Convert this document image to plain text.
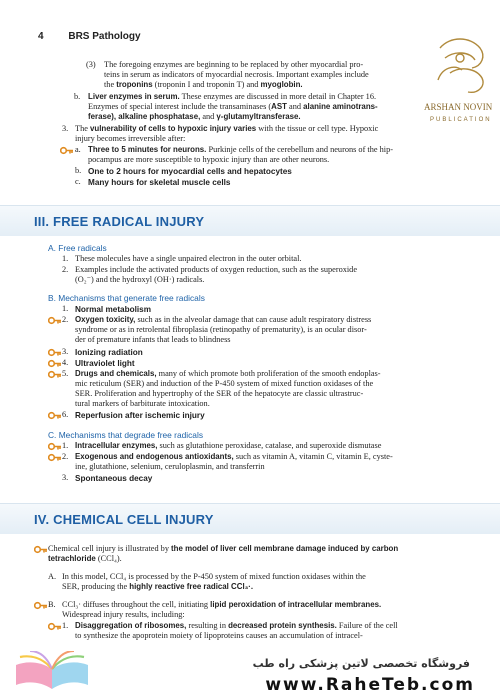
4 BRS Pathology
ARSHAN NOVIN
PUBLICATION
(3) The foregoing enzymes are beginning to be replaced by other myocardial pro-
teins in serum as indicators of myocardial necrosis. Important examples include
the troponins (troponin I and troponin T) and myoglobin.
b. Liver enzymes in serum. These enzymes are discussed in more detail in Chapter 16.
Enzymes of special interest include the transaminases (AST and alanine aminotrans-
ferase), alkaline phosphatase, and γ-glutamyltransferase.
3. The vulnerability of cells to hypoxic injury varies with the tissue or cell type. Hypoxic
injury becomes irreversible after:
a. Three to 5 minutes for neurons. Purkinje cells of the cerebellum and neurons of the hip-
pocampus are more susceptible to hypoxic injury than are other neurons.
b. One to 2 hours for myocardial cells and hepatocytes
c. Many hours for skeletal muscle cells
III. FREE RADICAL INJURY
A. Free radicals
1. These molecules have a single unpaired electron in the outer orbital.
2. Examples include the activated products of oxygen reduction, such as the superoxide
(O₂⁻) and the hydroxyl (OH·) radicals.
B. Mechanisms that generate free radicals
1. Normal metabolism
2. Oxygen toxicity, such as in the alveolar damage that can cause adult respiratory distress
syndrome or as in retrolental fibroplasia (retinopathy of prematurity), is an ocular disor-
der of premature infants that leads to blindness
3. Ionizing radiation
4. Ultraviolet light
5. Drugs and chemicals, many of which promote both proliferation of the smooth endoplas-
mic reticulum (SER) and induction of the P-450 system of mixed function oxidases of the
SER. Proliferation and hypertrophy of the SER of the hepatocyte are classic ultrastruc-
tural markers of barbiturate intoxication.
6. Reperfusion after ischemic injury
C. Mechanisms that degrade free radicals
1. Intracellular enzymes, such as glutathione peroxidase, catalase, and superoxide dismutase
2. Exogenous and endogenous antioxidants, such as vitamin A, vitamin C, vitamin E, cyste-
ine, glutathione, selenium, ceruloplasmin, and transferrin
3. Spontaneous decay
IV. CHEMICAL CELL INJURY
Chemical cell injury is illustrated by the model of liver cell membrane damage induced by carbon
tetrachloride (CCl₄).
A. In this model, CCl₄ is processed by the P-450 system of mixed function oxidases within the
SER, producing the highly reactive free radical CCl₃·.
B. CCl₃· diffuses throughout the cell, initiating lipid peroxidation of intracellular membranes.
Widespread injury results, including:
1. Disaggregation of ribosomes, resulting in decreased protein synthesis. Failure of the cell
to synthesize the apoprotein moiety of lipoproteins causes an accumulation of intracel-
فروشگاه تخصصی لاتین پزشکی راه طب
www.RaheTeb.com
